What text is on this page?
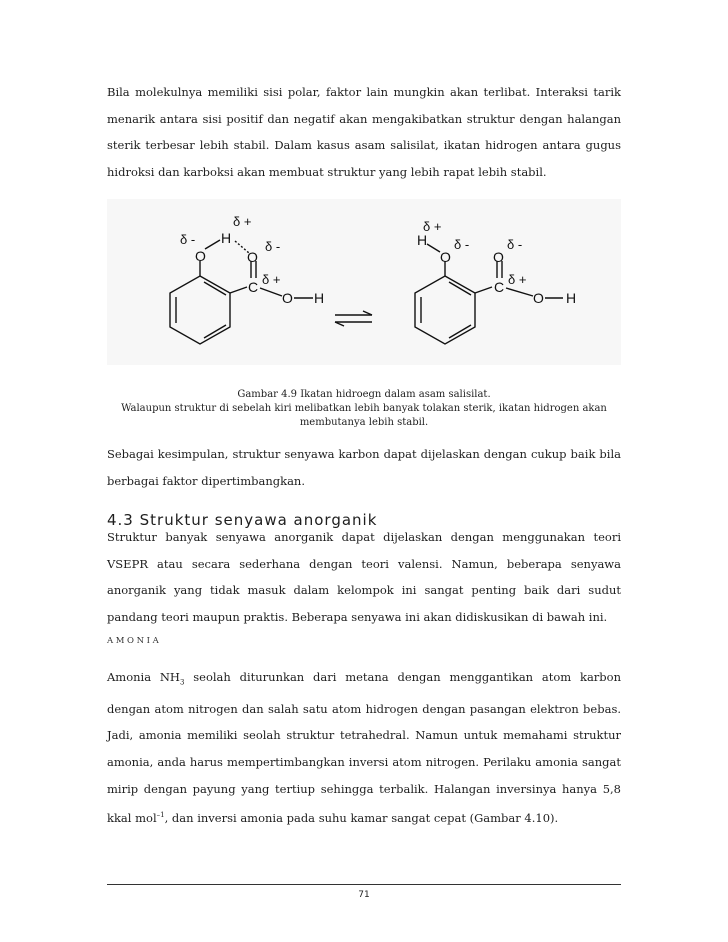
Bila molekulnya memiliki sisi polar, faktor lain mungkin akan terlibat. Interaksi tarik menarik antara sisi positif dan negatif akan mengakibatkan struktur dengan halangan sterik terbesar lebih stabil. Dalam kasus asam salisilat, ikatan hidrogen antara gugus hidroksi dan karboksi akan membuat struktur yang lebih rapat lebih stabil.

δ +
δ - H
O
δ -
O
δ +
C
O H
δ +
H δ -
O
δ -
O
δ +
C
O H

Gambar 4.9 Ikatan hidroegn dalam asam salisilat.

Walaupun struktur di sebelah kiri melibatkan lebih banyak tolakan sterik, ikatan hidrogen akan membutanya lebih stabil.

Sebagai kesimpulan, struktur senyawa karbon dapat dijelaskan dengan cukup baik bila berbagai faktor dipertimbangkan.

4.3 Struktur senyawa anorganik

Struktur banyak senyawa anorganik dapat dijelaskan dengan menggunakan teori VSEPR atau secara sederhana dengan teori valensi. Namun, beberapa senyawa anorganik yang tidak masuk dalam kelompok ini sangat penting baik dari sudut pandang teori maupun praktis. Beberapa senyawa ini akan didiskusikan di bawah ini.

AMONIA

Amonia $NH_3$ seolah diturunkan dari metana dengan menggantikan atom karbon dengan atom nitrogen dan salah satu atom hidrogen dengan pasangan elektron bebas. Jadi, amonia memiliki seolah struktur tetrahedral. Namun untuk memahami struktur amonia, anda harus mempertimbangkan inversi atom nitrogen. Perilaku amonia sangat mirip dengan payung yang tertiup sehingga terbalik. Halangan inversinya hanya 5,8 kkal mol$^{-1}$, dan inversi amonia pada suhu kamar sangat cepat (Gambar 4.10).

71
